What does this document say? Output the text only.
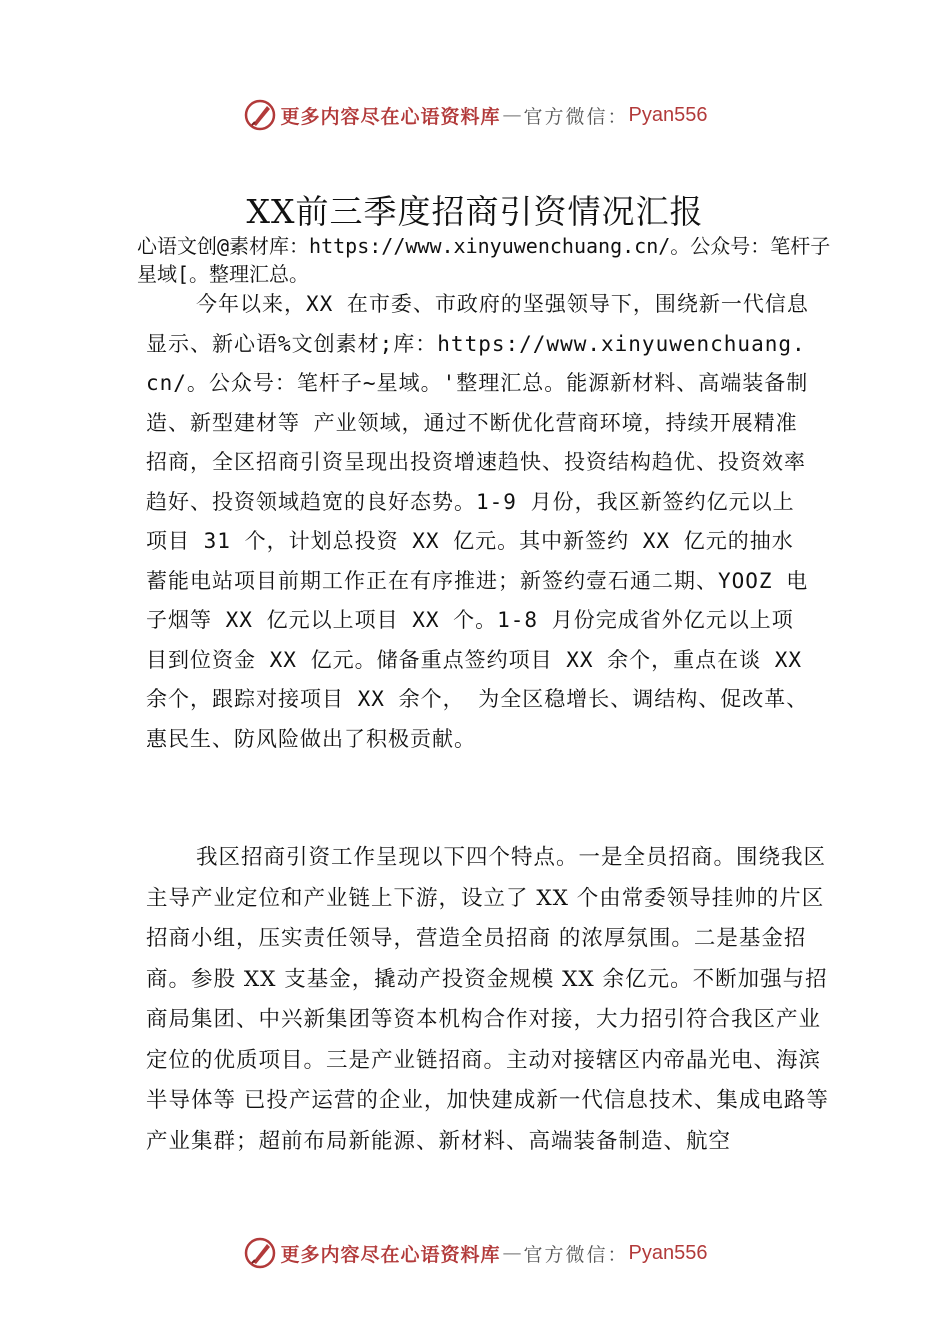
更多内容尽在心语资料库 — 官方微信： Pyan556
XX前三季度招商引资情况汇报
心语文创@素材库：https://www.xinyuwenchuang.cn/。公众号：笔杆子星域[。整理汇总。
今年以来，XX 在市委、市政府的坚强领导下，围绕新一代信息显示、新心语%文创素材;库：https://www.xinyuwenchuang.cn/。公众号：笔杆子~星域。'整理汇总。能源新材料、高端装备制造、新型建材等 产业领域，通过不断优化营商环境，持续开展精准招商，全区招商引资呈现出投资增速趋快、投资结构趋优、投资效率趋好、投资领域趋宽的良好态势。1-9 月份，我区新签约亿元以上项目 31 个，计划总投资 XX 亿元。其中新签约 XX 亿元的抽水蓄能电站项目前期工作正在有序推进；新签约壹石通二期、YOOZ 电子烟等 XX 亿元以上项目 XX 个。1-8 月份完成省外亿元以上项目到位资金 XX 亿元。储备重点签约项目 XX 余个，重点在谈 XX 余个，跟踪对接项目 XX 余个， 为全区稳增长、调结构、促改革、惠民生、防风险做出了积极贡献。
我区招商引资工作呈现以下四个特点。一是全员招商。围绕我区主导产业定位和产业链上下游，设立了 XX 个由常委领导挂帅的片区招商小组，压实责任领导，营造全员招商 的浓厚氛围。二是基金招商。参股 XX 支基金，撬动产投资金规模 XX 余亿元。不断加强与招商局集团、中兴新集团等资本机构合作对接，大力招引符合我区产业定位的优质项目。三是产业链招商。主动对接辖区内帝晶光电、海滨半导体等 已投产运营的企业，加快建成新一代信息技术、集成电路等 产业集群；超前布局新能源、新材料、高端装备制造、航空
更多内容尽在心语资料库 — 官方微信： Pyan556
